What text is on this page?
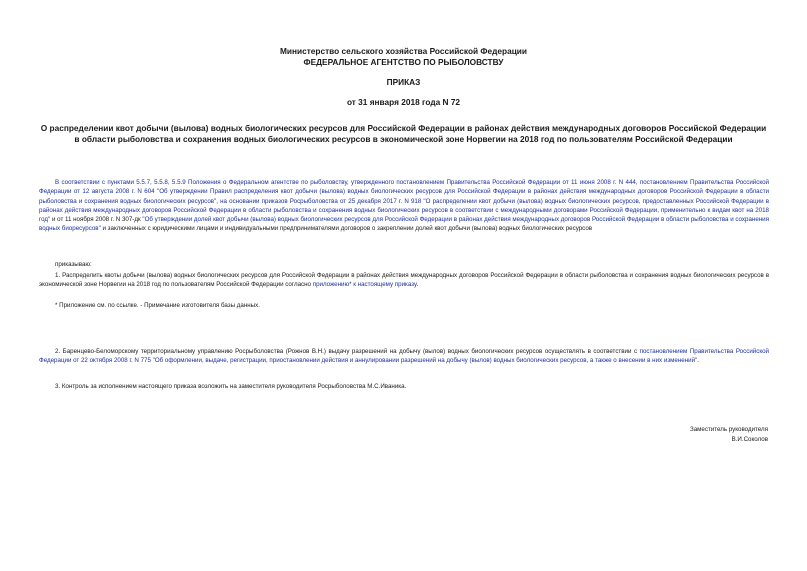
Министерство сельского хозяйства Российской Федерации
ФЕДЕРАЛЬНОЕ АГЕНТСТВО ПО РЫБОЛОВСТВУ
ПРИКАЗ
от 31 января 2018 года N 72
О распределении квот добычи (вылова) водных биологических ресурсов для Российской Федерации в районах действия международных договоров Российской Федерации в области рыболовства и сохранения водных биологических ресурсов в экономической зоне Норвегии на 2018 год по пользователям Российской Федерации
В соответствии с пунктами 5.5.7, 5.5.8, 5.5.9 Положения о Федеральном агентстве по рыболовству, утвержденного постановлением Правительства Российской Федерации от 11 июня 2008 г. N 444, постановлением Правительства Российской Федерации от 12 августа 2008 г. N 604 "Об утверждении Правил распределения квот добычи (вылова) водных биологических ресурсов для Российской Федерации в районах действия международных договоров Российской Федерации в области рыболовства и сохранения водных биологических ресурсов", на основании приказов Росрыболовства от 25 декабря 2017 г. N 918 "О распределении квот добычи (вылова) водных биологических ресурсов, предоставленных Российской Федерации в районах действия международных договоров Российской Федерации в области рыболовства и сохранения водных биологических ресурсов в соответствии с международными договорами Российской Федерации, применительно к видам квот на 2018 год" и от 11 ноября 2008 г. N 307-дк "Об утверждении долей квот добычи (вылова) водных биологических ресурсов для Российской Федерации в районах действия международных договоров Российской Федерации в области рыболовства и сохранения водных биоресурсов" и заключенных с юридическими лицами и индивидуальными предпринимателями договоров о закреплении долей квот добычи (вылова) водных биологических ресурсов
приказываю:
1. Распределить квоты добычи (вылова) водных биологических ресурсов для Российской Федерации в районах действия международных договоров Российской Федерации в области рыболовства и сохранения водных биологических ресурсов в экономической зоне Норвегии на 2018 год по пользователям Российской Федерации согласно приложению* к настоящему приказу.
* Приложение см. по ссылке. - Примечание изготовителя базы данных.
2. Баренцево-Беломорскому территориальному управлению Росрыболовства (Рожнов В.Н.) выдачу разрешений на добычу (вылов) водных биологических ресурсов осуществлять в соответствии с постановлением Правительства Российской Федерации от 22 октября 2008 г. N 775 "Об оформлении, выдаче, регистрации, приостановлении действия и аннулировании разрешений на добычу (вылов) водных биологических ресурсов, а также о внесении в них изменений".
3. Контроль за исполнением настоящего приказа возложить на заместителя руководителя Росрыболовства М.С.Иваника.
Заместитель руководителя
В.И.Соколов
